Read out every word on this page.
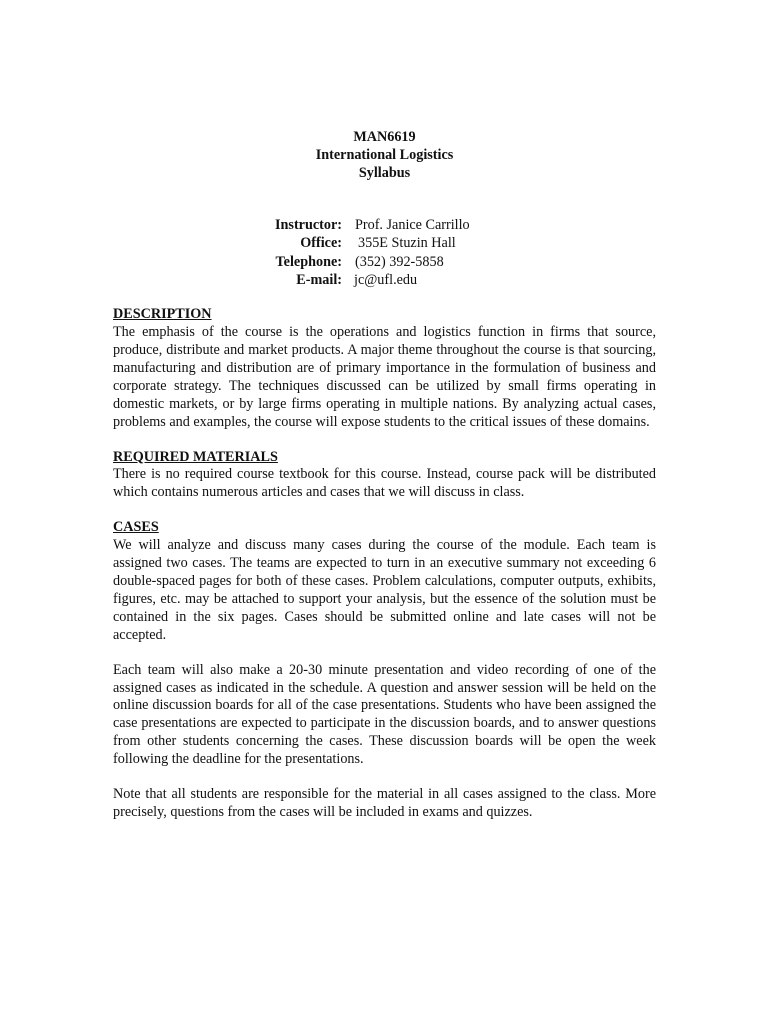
MAN6619
International Logistics
Syllabus
Instructor: Prof. Janice Carrillo
Office:	355E Stuzin Hall
Telephone: (352) 392-5858
E-mail: jc@ufl.edu
DESCRIPTION

The emphasis of the course is the operations and logistics function in firms that source, produce, distribute and market products. A major theme throughout the course is that sourcing, manufacturing and distribution are of primary importance in the formulation of business and corporate strategy. The techniques discussed can be utilized by small firms operating in domestic markets, or by large firms operating in multiple nations. By analyzing actual cases, problems and examples, the course will expose students to the critical issues of these domains.

REQUIRED MATERIALS

There is no required course textbook for this course. Instead, course pack will be distributed which contains numerous articles and cases that we will discuss in class.

CASES

We will analyze and discuss many cases during the course of the module. Each team is assigned two cases. The teams are expected to turn in an executive summary not exceeding 6 double-spaced pages for both of these cases. Problem calculations, computer outputs, exhibits, figures, etc. may be attached to support your analysis, but the essence of the solution must be contained in the six pages. Cases should be submitted online and late cases will not be accepted.

Each team will also make a 20-30 minute presentation and video recording of one of the assigned cases as indicated in the schedule. A question and answer session will be held on the online discussion boards for all of the case presentations. Students who have been assigned the case presentations are expected to participate in the discussion boards, and to answer questions from other students concerning the cases. These discussion boards will be open the week following the deadline for the presentations.

Note that all students are responsible for the material in all cases assigned to the class. More precisely, questions from the cases will be included in exams and quizzes.
